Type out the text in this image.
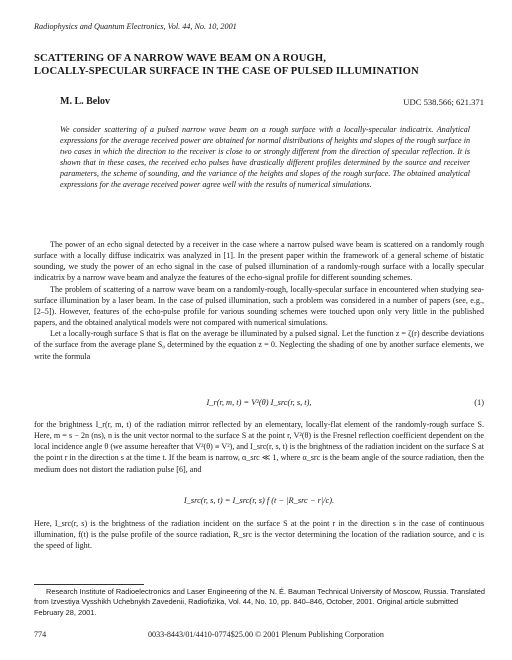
Radiophysics and Quantum Electronics, Vol. 44, No. 10, 2001
SCATTERING OF A NARROW WAVE BEAM ON A ROUGH,
LOCALLY-SPECULAR SURFACE IN THE CASE OF PULSED ILLUMINATION
M. L. Belov	UDC 538.566; 621.371
We consider scattering of a pulsed narrow wave beam on a rough surface with a locally-specular indicatrix. Analytical expressions for the average received power are obtained for normal distributions of heights and slopes of the rough surface in two cases in which the direction to the receiver is close to or strongly different from the direction of specular reflection. It is shown that in these cases, the received echo pulses have drastically different profiles determined by the source and receiver parameters, the scheme of sounding, and the variance of the heights and slopes of the rough surface. The obtained analytical expressions for the average received power agree well with the results of numerical simulations.

The power of an echo signal detected by a receiver in the case where a narrow pulsed wave beam is scattered on a randomly rough surface with a locally diffuse indicatrix was analyzed in [1]. In the present paper within the framework of a general scheme of bistatic sounding, we study the power of an echo signal in the case of pulsed illumination of a randomly-rough surface with a locally specular indicatrix by a narrow wave beam and analyze the features of the echo-signal profile for different sounding schemes.

The problem of scattering of a narrow wave beam on a randomly-rough, locally-specular surface in encountered when studying sea-surface illumination by a laser beam. In the case of pulsed illumination, such a problem was considered in a number of papers (see, e.g., [2–5]). However, features of the echo-pulse profile for various sounding schemes were touched upon only very little in the published papers, and the obtained analytical models were not compared with numerical simulations.

Let a locally-rough surface S that is flat on the average be illuminated by a pulsed signal. Let the function z = ζ(r) describe deviations of the surface from the average plane S₀ determined by the equation z = 0. Neglecting the shading of one by another surface elements, we write the formula

I_r(r, m, t) = V²(θ) I_src(r, s, t),	(1)

for the brightness I_r(r, m, t) of the radiation mirror reflected by an elementary, locally-flat element of the randomly-rough surface S. Here, m = s − 2n (ns), n is the unit vector normal to the surface S at the point r, V²(θ) is the Fresnel reflection coefficient dependent on the local incidence angle θ (we assume hereafter that V²(θ) ≡ V²), and I_src(r, s, t) is the brightness of the radiation incident on the surface S at the point r in the direction s at the time t. If the beam is narrow, α_src ≪ 1, where α_src is the beam angle of the source radiation, then the medium does not distort the radiation pulse [6], and

I_src(r, s, t) = I_src(r, s) f (t − |R_src − r|/c).

Here, I_src(r, s) is the brightness of the radiation incident on the surface S at the point r in the direction s in the case of continuous illumination, f(t) is the pulse profile of the source radiation, R_src is the vector determining the location of the radiation source, and c is the speed of light.

Research Institute of Radioelectronics and Laser Engineering of the N. É. Bauman Technical University of Moscow, Russia. Translated from Izvestiya Vysshikh Uchebnykh Zavedenii, Radiofizika, Vol. 44, No. 10, pp. 840–846, October, 2001. Original article submitted February 28, 2001.
774	0033-8443/01/4410-0774$25.00 © 2001 Plenum Publishing Corporation
